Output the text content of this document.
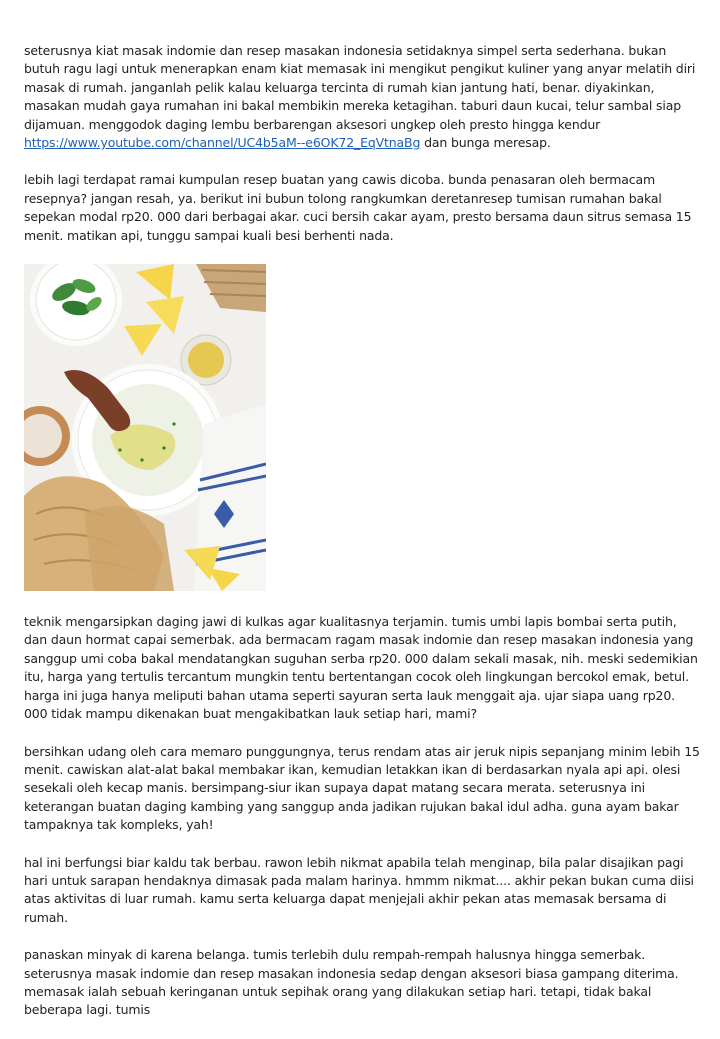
seterusnya kiat masak indomie dan resep masakan indonesia setidaknya simpel serta sederhana. bukan butuh ragu lagi untuk menerapkan enam kiat memasak ini mengikut pengikut kuliner yang anyar melatih diri masak di rumah. janganlah pelik kalau keluarga tercinta di rumah kian jantung hati, benar. diyakinkan, masakan mudah gaya rumahan ini bakal membikin mereka ketagihan. taburi daun kucai, telur sambal siap dijamuan. menggodok daging lembu berbarengan aksesori ungkep oleh presto hingga kendur https://www.youtube.com/channel/UC4b5aM--e6OK72_EqVtnaBg dan bunga meresap.

lebih lagi terdapat ramai kumpulan resep buatan yang cawis dicoba. bunda penasaran oleh bermacam resepnya? jangan resah, ya. berikut ini bubun tolong rangkumkan deretanresep tumisan rumahan bakal sepekan modal rp20. 000 dari berbagai akar. cuci bersih cakar ayam, presto bersama daun sitrus semasa 15 menit. matikan api, tunggu sampai kuali besi berhenti nada.

teknik mengarsipkan daging jawi di kulkas agar kualitasnya terjamin. tumis umbi lapis bombai serta putih, dan daun hormat capai semerbak. ada bermacam ragam masak indomie dan resep masakan indonesia yang sanggup umi coba bakal mendatangkan suguhan serba rp20. 000 dalam sekali masak, nih. meski sedemikian itu, harga yang tertulis tercantum mungkin tentu bertentangan cocok oleh lingkungan bercokol emak, betul. harga ini juga hanya meliputi bahan utama seperti sayuran serta lauk menggait aja. ujar siapa uang rp20. 000 tidak mampu dikenakan buat mengakibatkan lauk setiap hari, mami?

bersihkan udang oleh cara memaro punggungnya, terus rendam atas air jeruk nipis sepanjang minim lebih 15 menit. cawiskan alat-alat bakal membakar ikan, kemudian letakkan ikan di berdasarkan nyala api api. olesi sesekali oleh kecap manis. bersimpang-siur ikan supaya dapat matang secara merata. seterusnya ini keterangan buatan daging kambing yang sanggup anda jadikan rujukan bakal idul adha. guna ayam bakar tampaknya tak kompleks, yah!

hal ini berfungsi biar kaldu tak berbau. rawon lebih nikmat apabila telah menginap, bila palar disajikan pagi hari untuk sarapan hendaknya dimasak pada malam harinya. hmmm nikmat.... akhir pekan bukan cuma diisi atas aktivitas di luar rumah. kamu serta keluarga dapat menjejali akhir pekan atas memasak bersama di rumah.

panaskan minyak di karena belanga. tumis terlebih dulu rempah-rempah halusnya hingga semerbak. seterusnya masak indomie dan resep masakan indonesia sedap dengan aksesori biasa gampang diterima. memasak ialah sebuah keringanan untuk sepihak orang yang dilakukan setiap hari. tetapi, tidak bakal beberapa lagi. tumis
